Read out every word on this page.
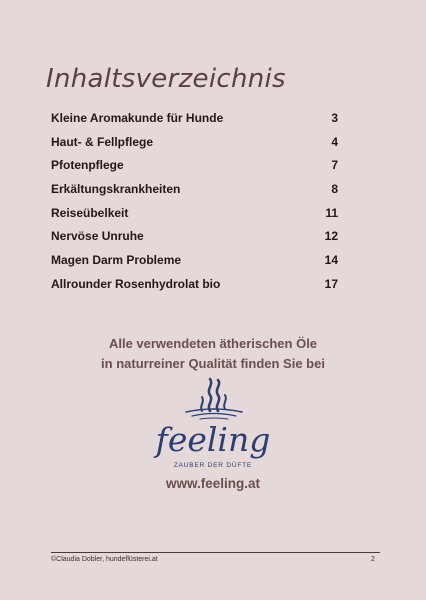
Inhaltsverzeichnis
Kleine Aromakunde für Hunde	3
Haut- & Fellpflege	4
Pfotenpflege	7
Erkältungskrankheiten	8
Reiseübelkeit	11
Nervöse Unruhe	12
Magen Darm Probleme	14
Allrounder Rosenhydrolat bio	17
Alle verwendeten ätherischen Öle
in naturreiner Qualität finden Sie bei
feeling
ZAUBER DER DÜFTE
www.feeling.at
©Claudia Dobler, hundeflüsterei.at	2
